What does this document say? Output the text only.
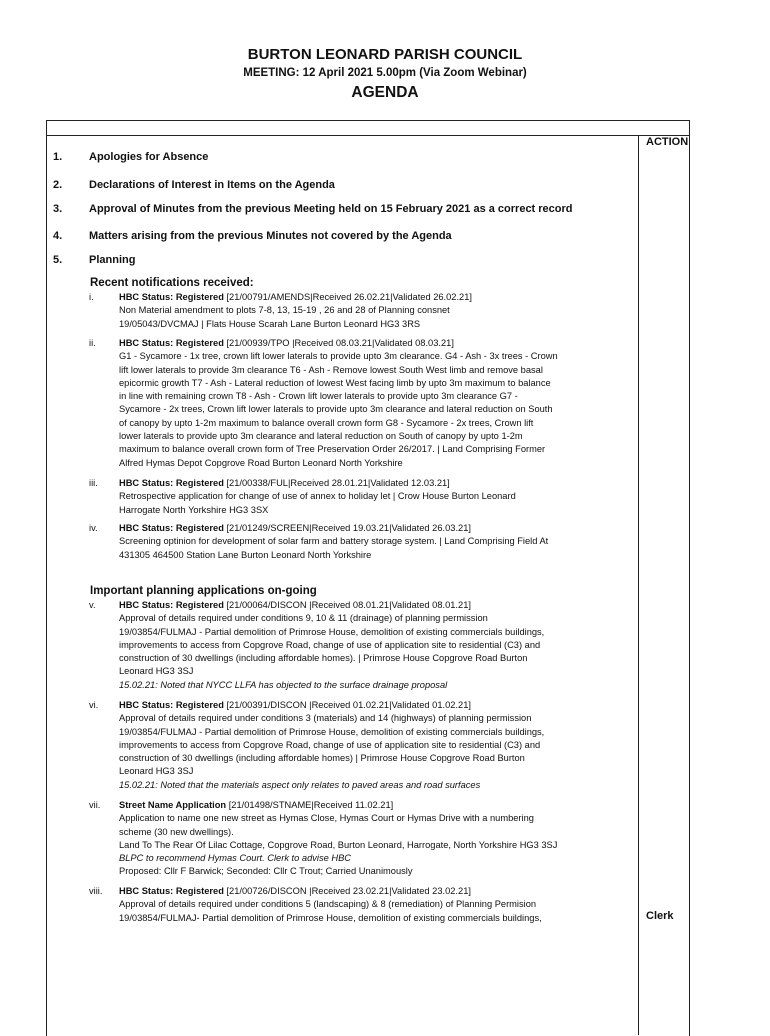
BURTON LEONARD PARISH COUNCIL
MEETING: 12 April 2021 5.00pm (Via Zoom Webinar)
AGENDA
ACTION
1. Apologies for Absence
2. Declarations of Interest in Items on the Agenda
3. Approval of Minutes from the previous Meeting held on 15 February 2021 as a correct record
4. Matters arising from the previous Minutes not covered by the Agenda
5. Planning
Recent notifications received:
i.	HBC Status: Registered [21/00791/AMENDS|Received 26.02.21|Validated 26.02.21]
Non Material amendment to plots 7-8, 13, 15-19 , 26 and 28 of Planning consnet
19/05043/DVCMAJ | Flats House Scarah Lane Burton Leonard HG3 3RS
ii.	HBC Status: Registered [21/00939/TPO |Received 08.03.21|Validated 08.03.21]
G1 - Sycamore - 1x tree, crown lift lower laterals to provide upto 3m clearance. G4 - Ash - 3x trees - Crown
lift lower laterals to provide 3m clearance T6 - Ash - Remove lowest South West limb and remove basal
epicormic growth T7 - Ash - Lateral reduction of lowest West facing limb by upto 3m maximum to balance
in line with remaining crown T8 - Ash - Crown lift lower laterals to provide upto 3m clearance G7 -
Sycamore - 2x trees, Crown lift lower laterals to provide upto 3m clearance and lateral reduction on South
of canopy by upto 1-2m maximum to balance overall crown form G8 - Sycamore - 2x trees, Crown lift
lower laterals to provide upto 3m clearance and lateral reduction on South of canopy by upto 1-2m
maximum to balance overall crown form of Tree Preservation Order 26/2017. | Land Comprising Former
Alfred Hymas Depot Copgrove Road Burton Leonard North Yorkshire
iii. HBC Status: Registered [21/00338/FUL|Received 28.01.21|Validated 12.03.21]
Retrospective application for change of use of annex to holiday let | Crow House Burton Leonard
Harrogate North Yorkshire HG3 3SX
iv. HBC Status: Registered [21/01249/SCREEN|Received 19.03.21|Validated 26.03.21]
Screening optinion for development of solar farm and battery storage system. | Land Comprising Field At
431305 464500 Station Lane Burton Leonard North Yorkshire
Important planning applications on-going
v.	HBC Status: Registered [21/00064/DISCON |Received 08.01.21|Validated 08.01.21]
Approval of details required under conditions 9, 10 & 11 (drainage) of planning permission
19/03854/FULMAJ - Partial demolition of Primrose House, demolition of existing commercials buildings,
improvements to access from Copgrove Road, change of use of application site to residential (C3) and
construction of 30 dwellings (including affordable homes). | Primrose House Copgrove Road Burton
Leonard HG3 3SJ
15.02.21: Noted that NYCC LLFA has objected to the surface drainage proposal
vi. HBC Status: Registered [21/00391/DISCON |Received 01.02.21|Validated 01.02.21]
Approval of details required under conditions 3 (materials) and 14 (highways) of planning permission
19/03854/FULMAJ - Partial demolition of Primrose House, demolition of existing commercials buildings,
improvements to access from Copgrove Road, change of use of application site to residential (C3) and
construction of 30 dwellings (including affordable homes) | Primrose House Copgrove Road Burton
Leonard HG3 3SJ
15.02.21: Noted that the materials aspect only relates to paved areas and road surfaces
vii. Street Name Application [21/01498/STNAME|Received 11.02.21]
Application to name one new street as Hymas Close, Hymas Court or Hymas Drive with a numbering
scheme (30 new dwellings).
Land To The Rear Of Lilac Cottage, Copgrove Road, Burton Leonard, Harrogate, North Yorkshire HG3 3SJ
BLPC to recommend Hymas Court. Clerk to advise HBC
Proposed: Cllr F Barwick; Seconded: Cllr C Trout; Carried Unanimously
viii. HBC Status: Registered [21/00726/DISCON |Received 23.02.21|Validated 23.02.21]
Approval of details required under conditions 5 (landscaping) & 8 (remediation) of Planning Permision
19/03854/FULMAJ- Partial demolition of Primrose House, demolition of existing commercials buildings,	Clerk
